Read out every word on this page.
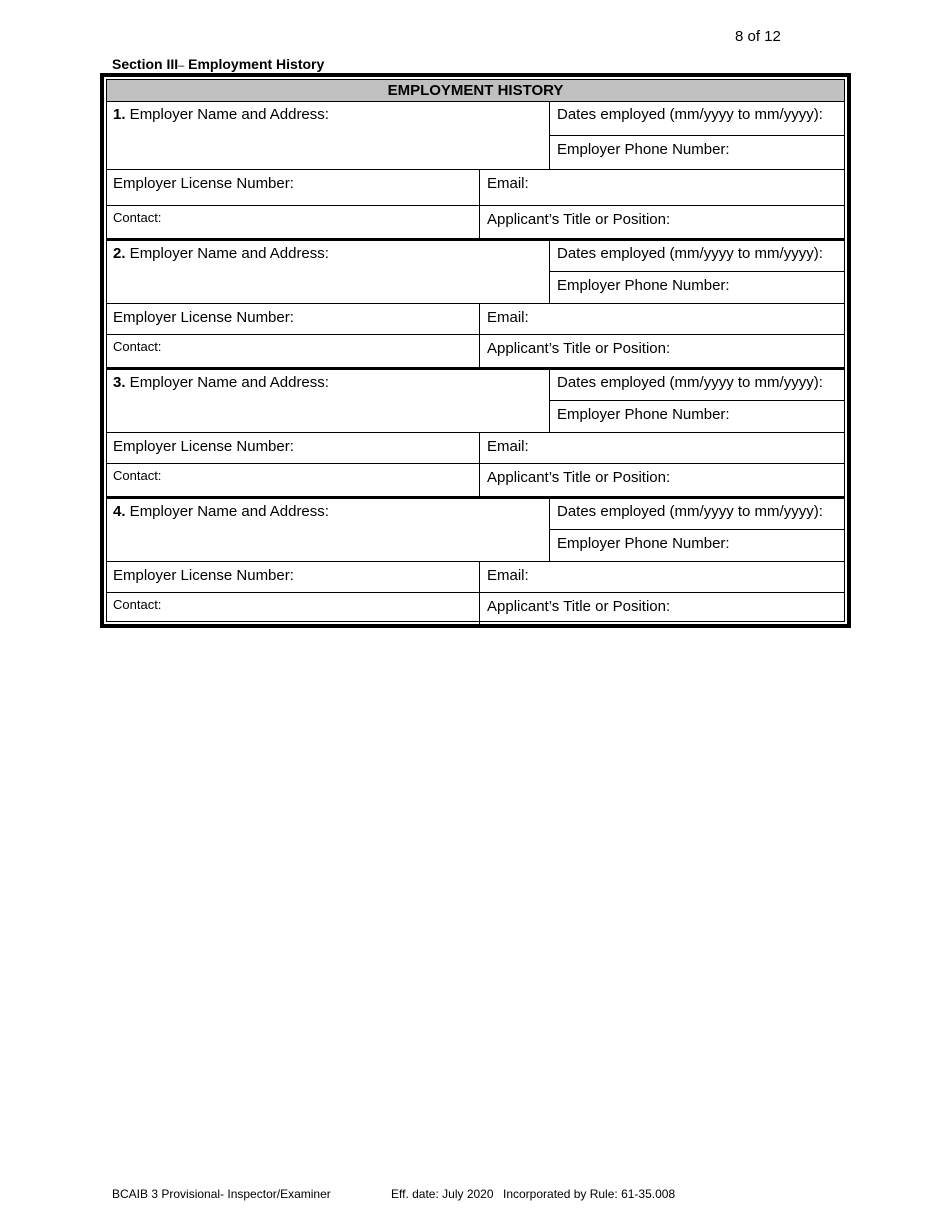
8 of 12
Section III– Employment History
EMPLOYMENT HISTORY
1. Employer Name and Address:	Dates employed (mm/yyyy to mm/yyyy):
Employer Phone Number:
Employer License Number:	Email:
Contact:	Applicant’s Title or Position:
2. Employer Name and Address:	Dates employed (mm/yyyy to mm/yyyy):
Employer Phone Number:
Employer License Number:	Email:
Contact:	Applicant’s Title or Position:
3. Employer Name and Address:	Dates employed (mm/yyyy to mm/yyyy):
Employer Phone Number:
Employer License Number:	Email:
Contact:	Applicant’s Title or Position:
4. Employer Name and Address:	Dates employed (mm/yyyy to mm/yyyy):
Employer Phone Number:
Employer License Number:	Email:
Contact:	Applicant’s Title or Position:
BCAIB 3 Provisional- Inspector/Examiner	Eff. date: July 2020 Incorporated by Rule: 61-35.008
